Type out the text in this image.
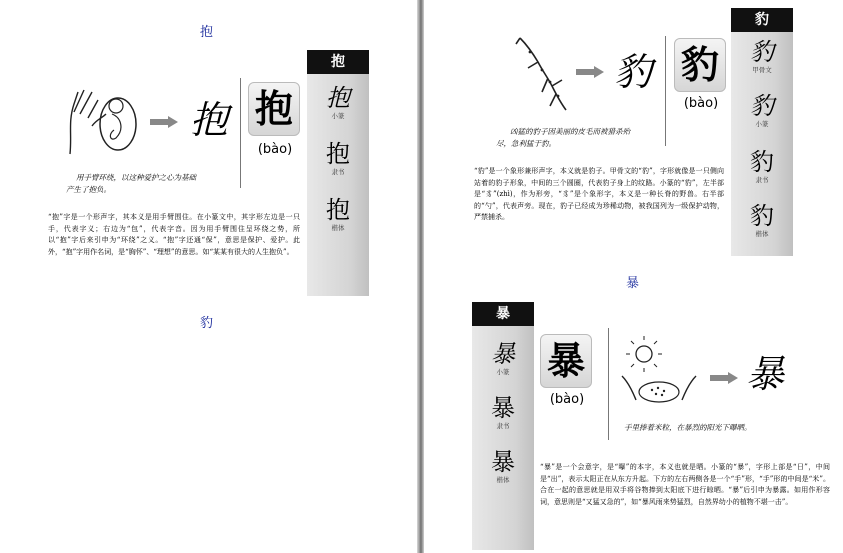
抱
抱 抱
(bào)
用手臂环绕，以这种爱护之心为基础
产生了抱负。
“抱”字是一个形声字，其本义是用手臂围住。在小篆文中，其字形左边是一只手，代表字义；右边为“包”，代表字音。因为用手臂围住呈环绕之势，所以“抱”字后来引申为“环绕”之义。“抱”字还通“保”，意思是保护、爱护。此外，“抱”字用作名词，是“胸怀”、“理想”的意思。如“某某有很大的人生抱负”。
抱
抱
小篆
抱
隶书
抱
楷体
豹
豹 豹
(bào)
凶猛的豹子因美丽的皮毛而被猎杀殆
尽，急利猛于豹。
“豹”是一个象形兼形声字，本义就是豹子。甲骨文的“豹”，字形就像是一只侧向站着的豹子形象，中间的三个圆圈，代表豹子身上的纹路。小篆的“豹”，左半部是“豸”(zhì)，作为形旁，“豸”是个象形字，本义是一种长脊的野兽。右半部的“勺”，代表声旁。现在，豹子已经成为珍稀动物，被我国列为一级保护动物，严禁捕杀。
豹
豹
甲骨文
豹
小篆
豹
隶书
豹
楷体
暴
暴
暴
小篆
暴
隶书
暴
楷体
暴
(bào)
暴
手里捧着米粒，在暴烈的阳光下曝晒。
“暴”是一个会意字，是“曝”的本字，本义也就是晒。小篆的“暴”，字形上部是“日”，中间是“出”，表示太阳正在从东方升起。下方的左右两侧各是一个“手”形，“手”形的中间是“米”。合在一起的意思就是用双手将谷物捧到太阳底下进行晾晒。“暴”后引申为暴露。如用作形容词，意思则是“又猛又急的”，如“暴风雨来势猛烈，自然界幼小的植物不堪一击”。
